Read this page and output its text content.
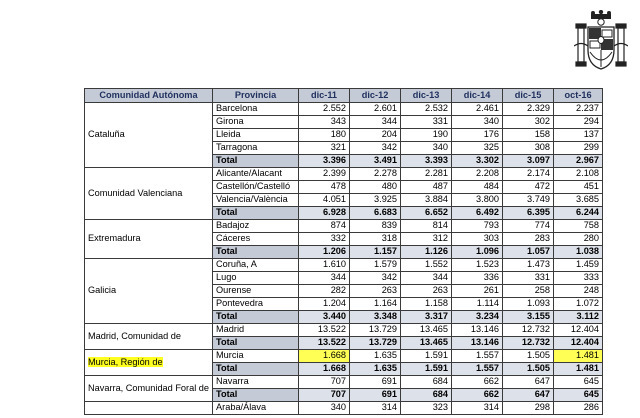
Comunidad Autónoma	Provincia	dic-11	dic-12	dic-13	dic-14	dic-15	oct-16
Cataluña	Barcelona	2.552	2.601	2.532	2.461	2.329	2.237
	Girona	343	344	331	340	302	294
	Lleida	180	204	190	176	158	137
	Tarragona	321	342	340	325	308	299
	Total	3.396	3.491	3.393	3.302	3.097	2.967
Comunidad Valenciana	Alicante/Alacant	2.399	2.278	2.281	2.208	2.174	2.108
	Castellón/Castelló	478	480	487	484	472	451
	Valencia/València	4.051	3.925	3.884	3.800	3.749	3.685
	Total	6.928	6.683	6.652	6.492	6.395	6.244
Extremadura	Badajoz	874	839	814	793	774	758
	Cáceres	332	318	312	303	283	280
	Total	1.206	1.157	1.126	1.096	1.057	1.038
Galicia	Coruña, A	1.610	1.579	1.552	1.523	1.473	1.459
	Lugo	344	342	344	336	331	333
	Ourense	282	263	263	261	258	248
	Pontevedra	1.204	1.164	1.158	1.114	1.093	1.072
	Total	3.440	3.348	3.317	3.234	3.155	3.112
Madrid, Comunidad de	Madrid	13.522	13.729	13.465	13.146	12.732	12.404
	Total	13.522	13.729	13.465	13.146	12.732	12.404
Murcia, Región de	Murcia	1.668	1.635	1.591	1.557	1.505	1.481
	Total	1.668	1.635	1.591	1.557	1.505	1.481
Navarra, Comunidad Foral de	Navarra	707	691	684	662	647	645
	Total	707	691	684	662	647	645
	Araba/Álava	340	314	323	314	298	286
